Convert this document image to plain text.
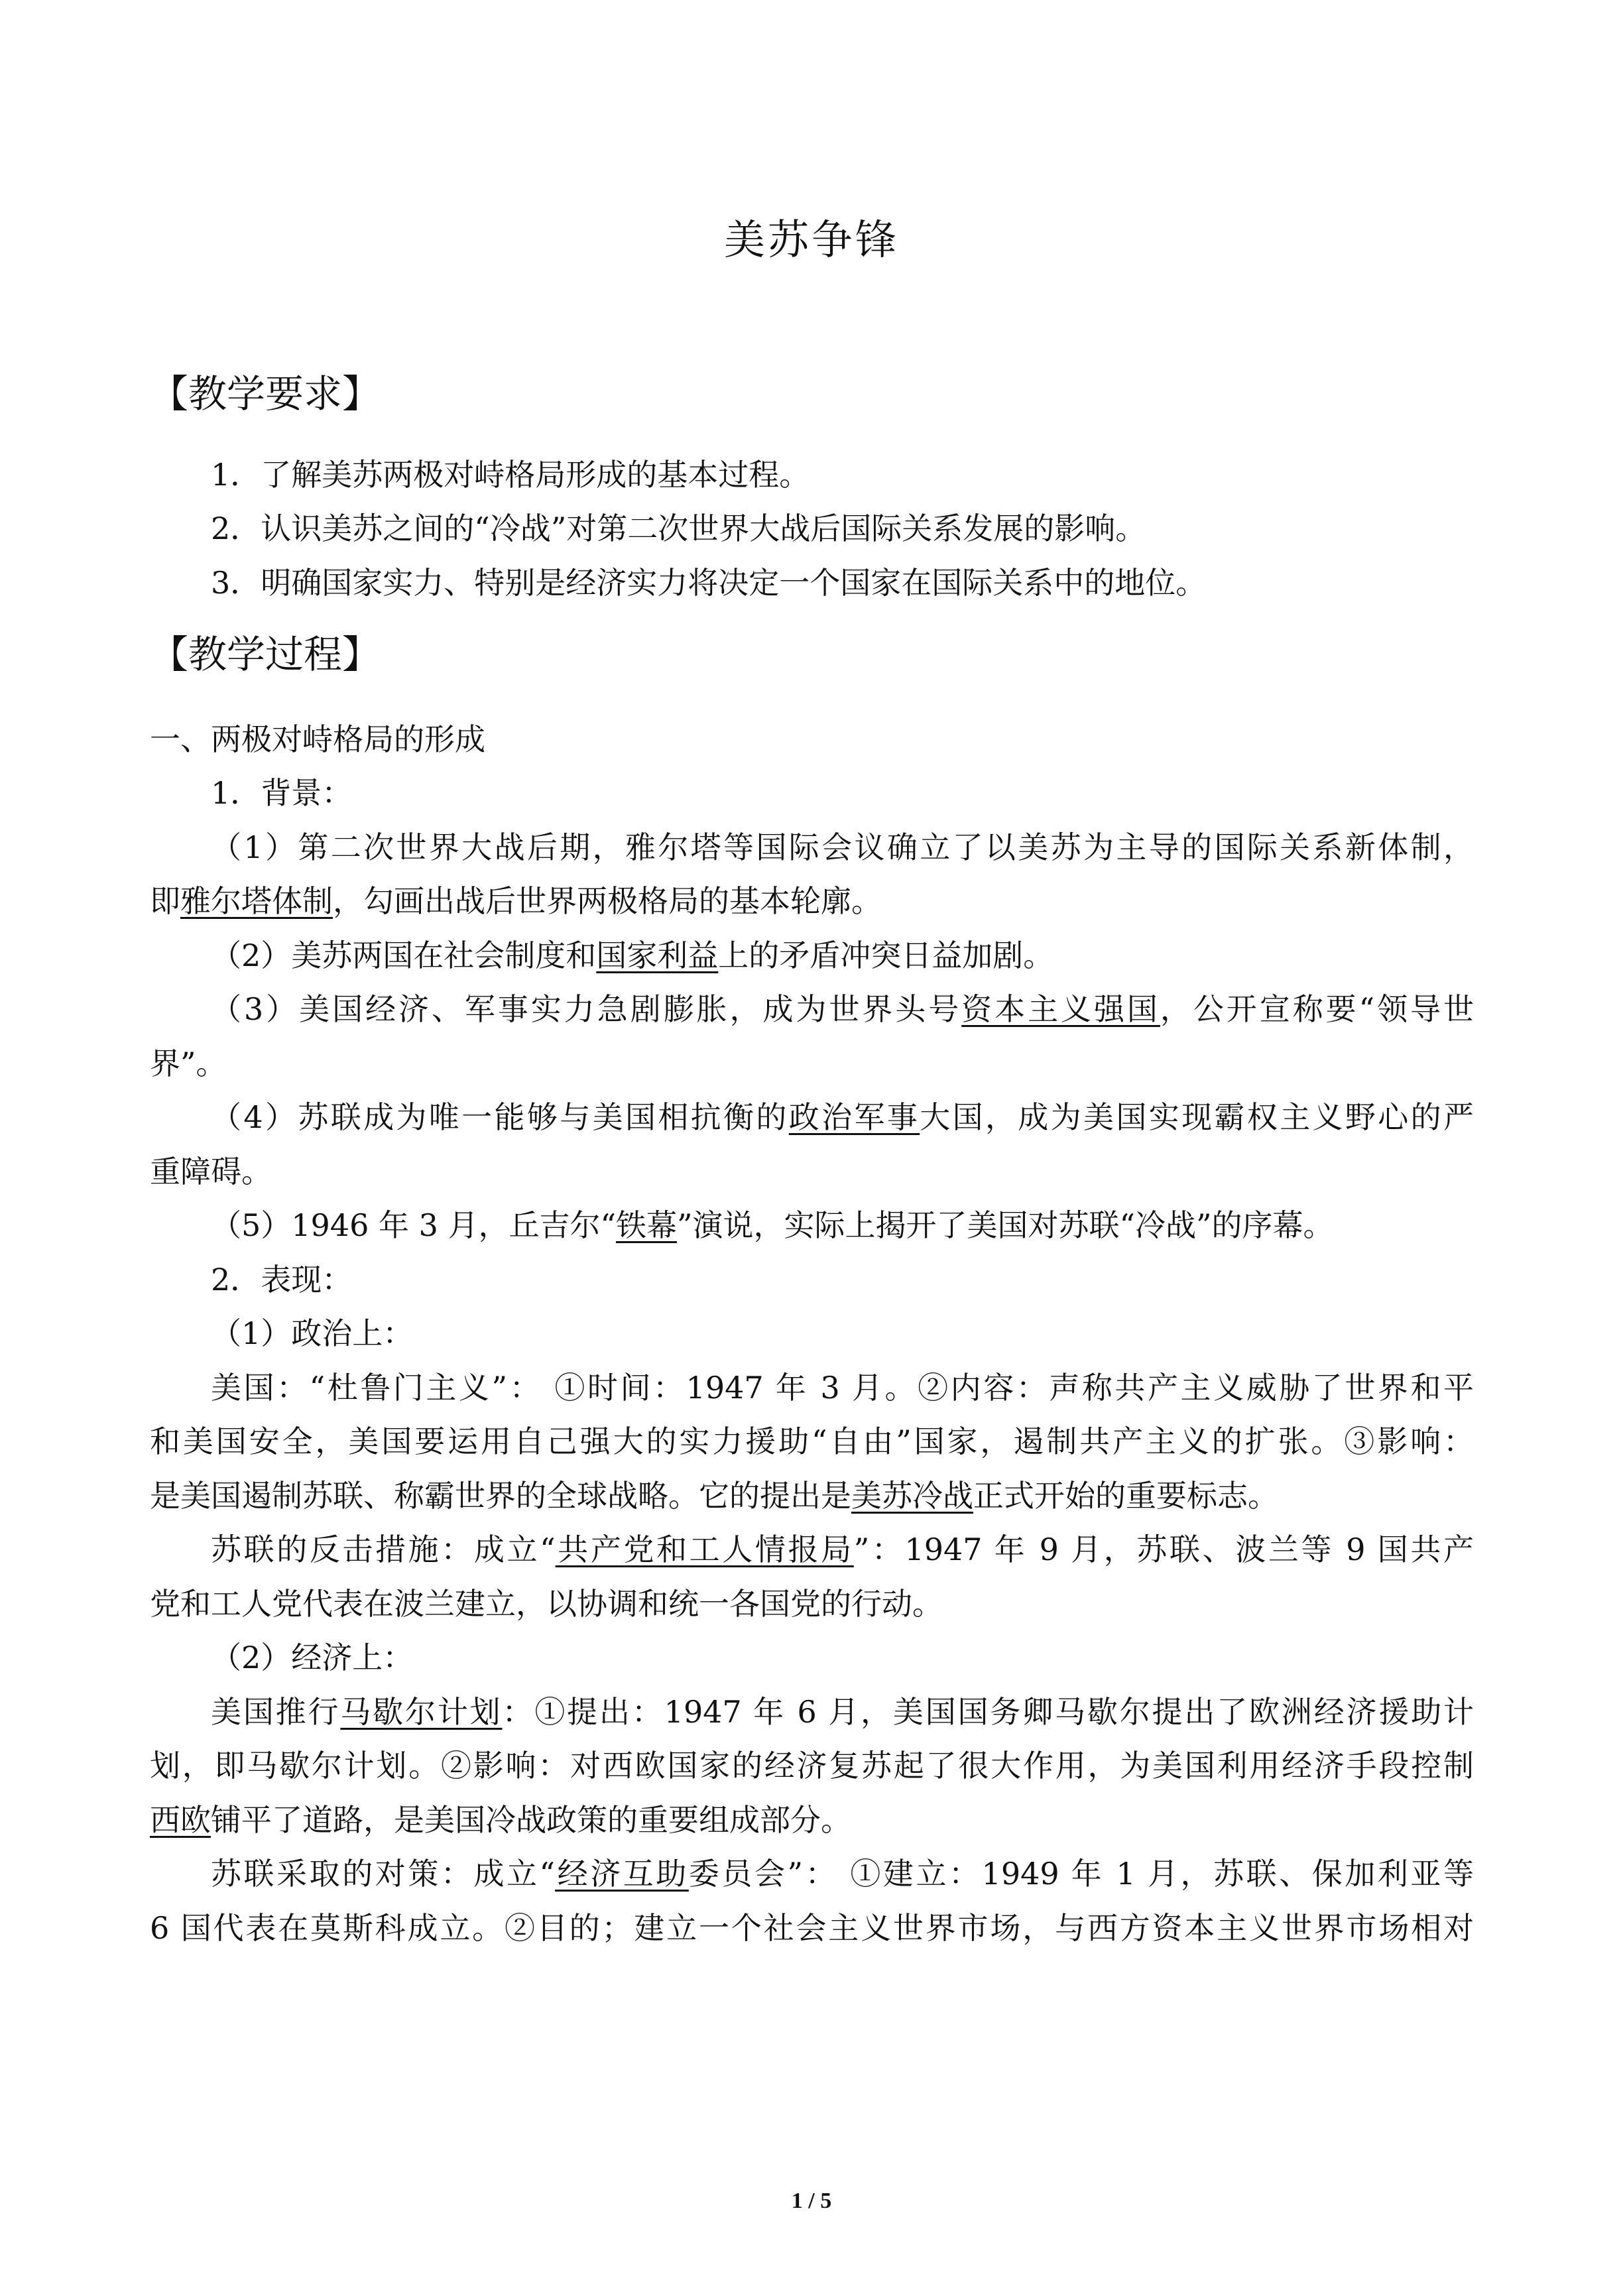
美苏争锋
【教学要求】
1．了解美苏两极对峙格局形成的基本过程。
2．认识美苏之间的“冷战”对第二次世界大战后国际关系发展的影响。
3．明确国家实力、特别是经济实力将决定一个国家在国际关系中的地位。
【教学过程】
一、两极对峙格局的形成
1．背景：
（1）第二次世界大战后期，雅尔塔等国际会议确立了以美苏为主导的国际关系新体制，
即雅尔塔体制，勾画出战后世界两极格局的基本轮廓。
（2）美苏两国在社会制度和国家利益上的矛盾冲突日益加剧。
（3）美国经济、军事实力急剧膨胀，成为世界头号资本主义强国，公开宣称要“领导世
界”。
（4）苏联成为唯一能够与美国相抗衡的政治军事大国，成为美国实现霸权主义野心的严
重障碍。
（5）1946 年 3 月，丘吉尔“铁幕”演说，实际上揭开了美国对苏联“冷战”的序幕。
2．表现：
（1）政治上：
美国：“杜鲁门主义”： ①时间：1947 年 3 月。②内容：声称共产主义威胁了世界和平
和美国安全，美国要运用自己强大的实力援助“自由”国家，遏制共产主义的扩张。③影响：
是美国遏制苏联、称霸世界的全球战略。它的提出是美苏冷战正式开始的重要标志。
苏联的反击措施：成立“共产党和工人情报局”：1947 年 9 月，苏联、波兰等 9 国共产
党和工人党代表在波兰建立，以协调和统一各国党的行动。
（2）经济上：
美国推行马歇尔计划：①提出：1947 年 6 月，美国国务卿马歇尔提出了欧洲经济援助计
划，即马歇尔计划。②影响：对西欧国家的经济复苏起了很大作用，为美国利用经济手段控制
西欧铺平了道路，是美国冷战政策的重要组成部分。
苏联采取的对策：成立“经济互助委员会”： ①建立：1949 年 1 月，苏联、保加利亚等
6 国代表在莫斯科成立。②目的；建立一个社会主义世界市场，与西方资本主义世界市场相对
1 / 5
